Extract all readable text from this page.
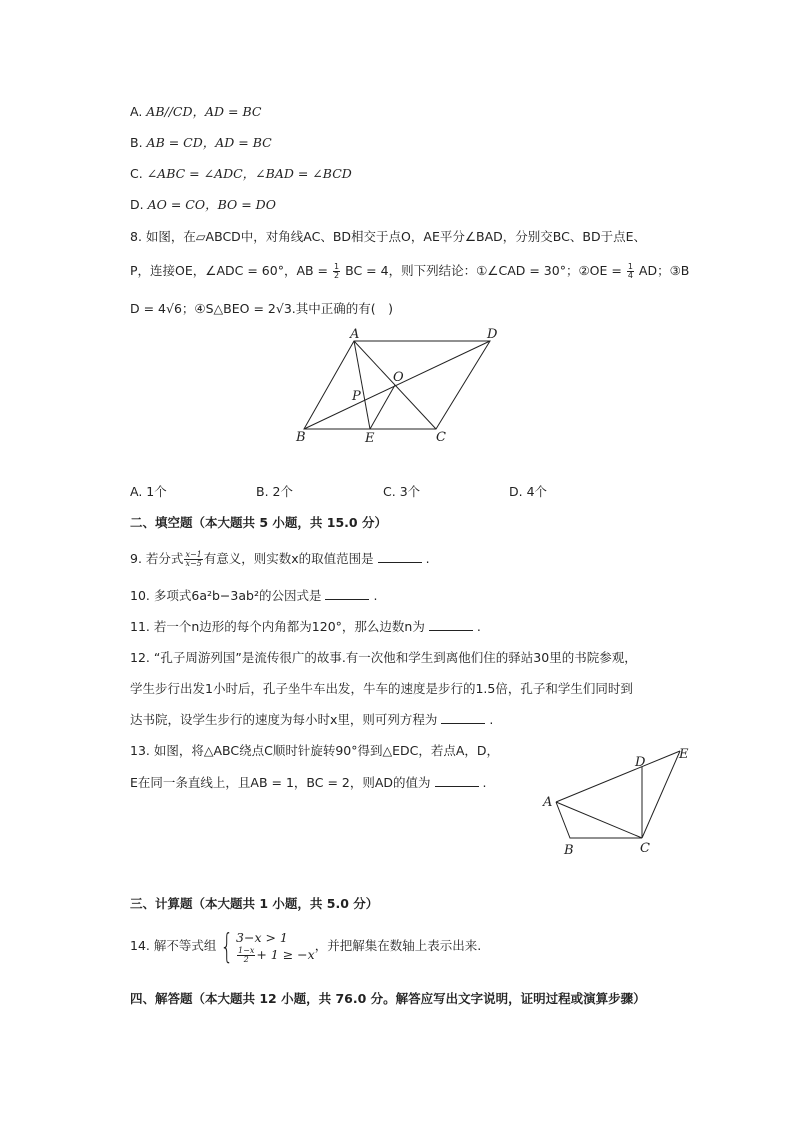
A. AB∕∕CD，AD = BC
B. AB = CD，AD = BC
C. ∠ABC = ∠ADC，∠BAD = ∠BCD
D. AO = CO，BO = DO
8. 如图，在▱ABCD中，对角线AC、BD相交于点O，AE平分∠BAD，分别交BC、BD于点E、
P，连接OE，∠ADC = 60°，AB = $\frac{1}{2}$ BC = 4，则下列结论：①∠CAD = 30°；②OE = $\frac{1}{4}$ AD；③B
D = 4√6；④S△BEO = 2√3.其中正确的有(　)
A	D
O
P
B	E	C
A. 1个	B. 2个	C. 3个	D. 4个
二、填空题（本大题共 5 小题，共 15.0 分）
9. 若分式 $\frac{x-1}{x-5}$ 有意义，则实数x的取值范围是	.
10. 多项式6a²b−3ab²的公因式是	.
11. 若一个n边形的每个内角都为120°，那么边数n为	.
12. “孔子周游列国”是流传很广的故事.有一次他和学生到离他们住的驿站30里的书院参观，
学生步行出发1小时后，孔子坐牛车出发，牛车的速度是步行的1.5倍，孔子和学生们同时到
达书院，设学生步行的速度为每小时x里，则可列方程为	.
13. 如图，将△ABC绕点C顺时针旋转90°得到△EDC，若点A，D，
E在同一条直线上，且AB = 1，BC = 2，则AD的值为	.
A
B	C
D
E
三、计算题（本大题共 1 小题，共 5.0 分）
14. 解不等式组 { 3−x > 1
$\frac{1-x}{2} + 1 \ge -x$
，并把解集在数轴上表示出来.
四、解答题（本大题共 12 小题，共 76.0 分。解答应写出文字说明，证明过程或演算步骤）
